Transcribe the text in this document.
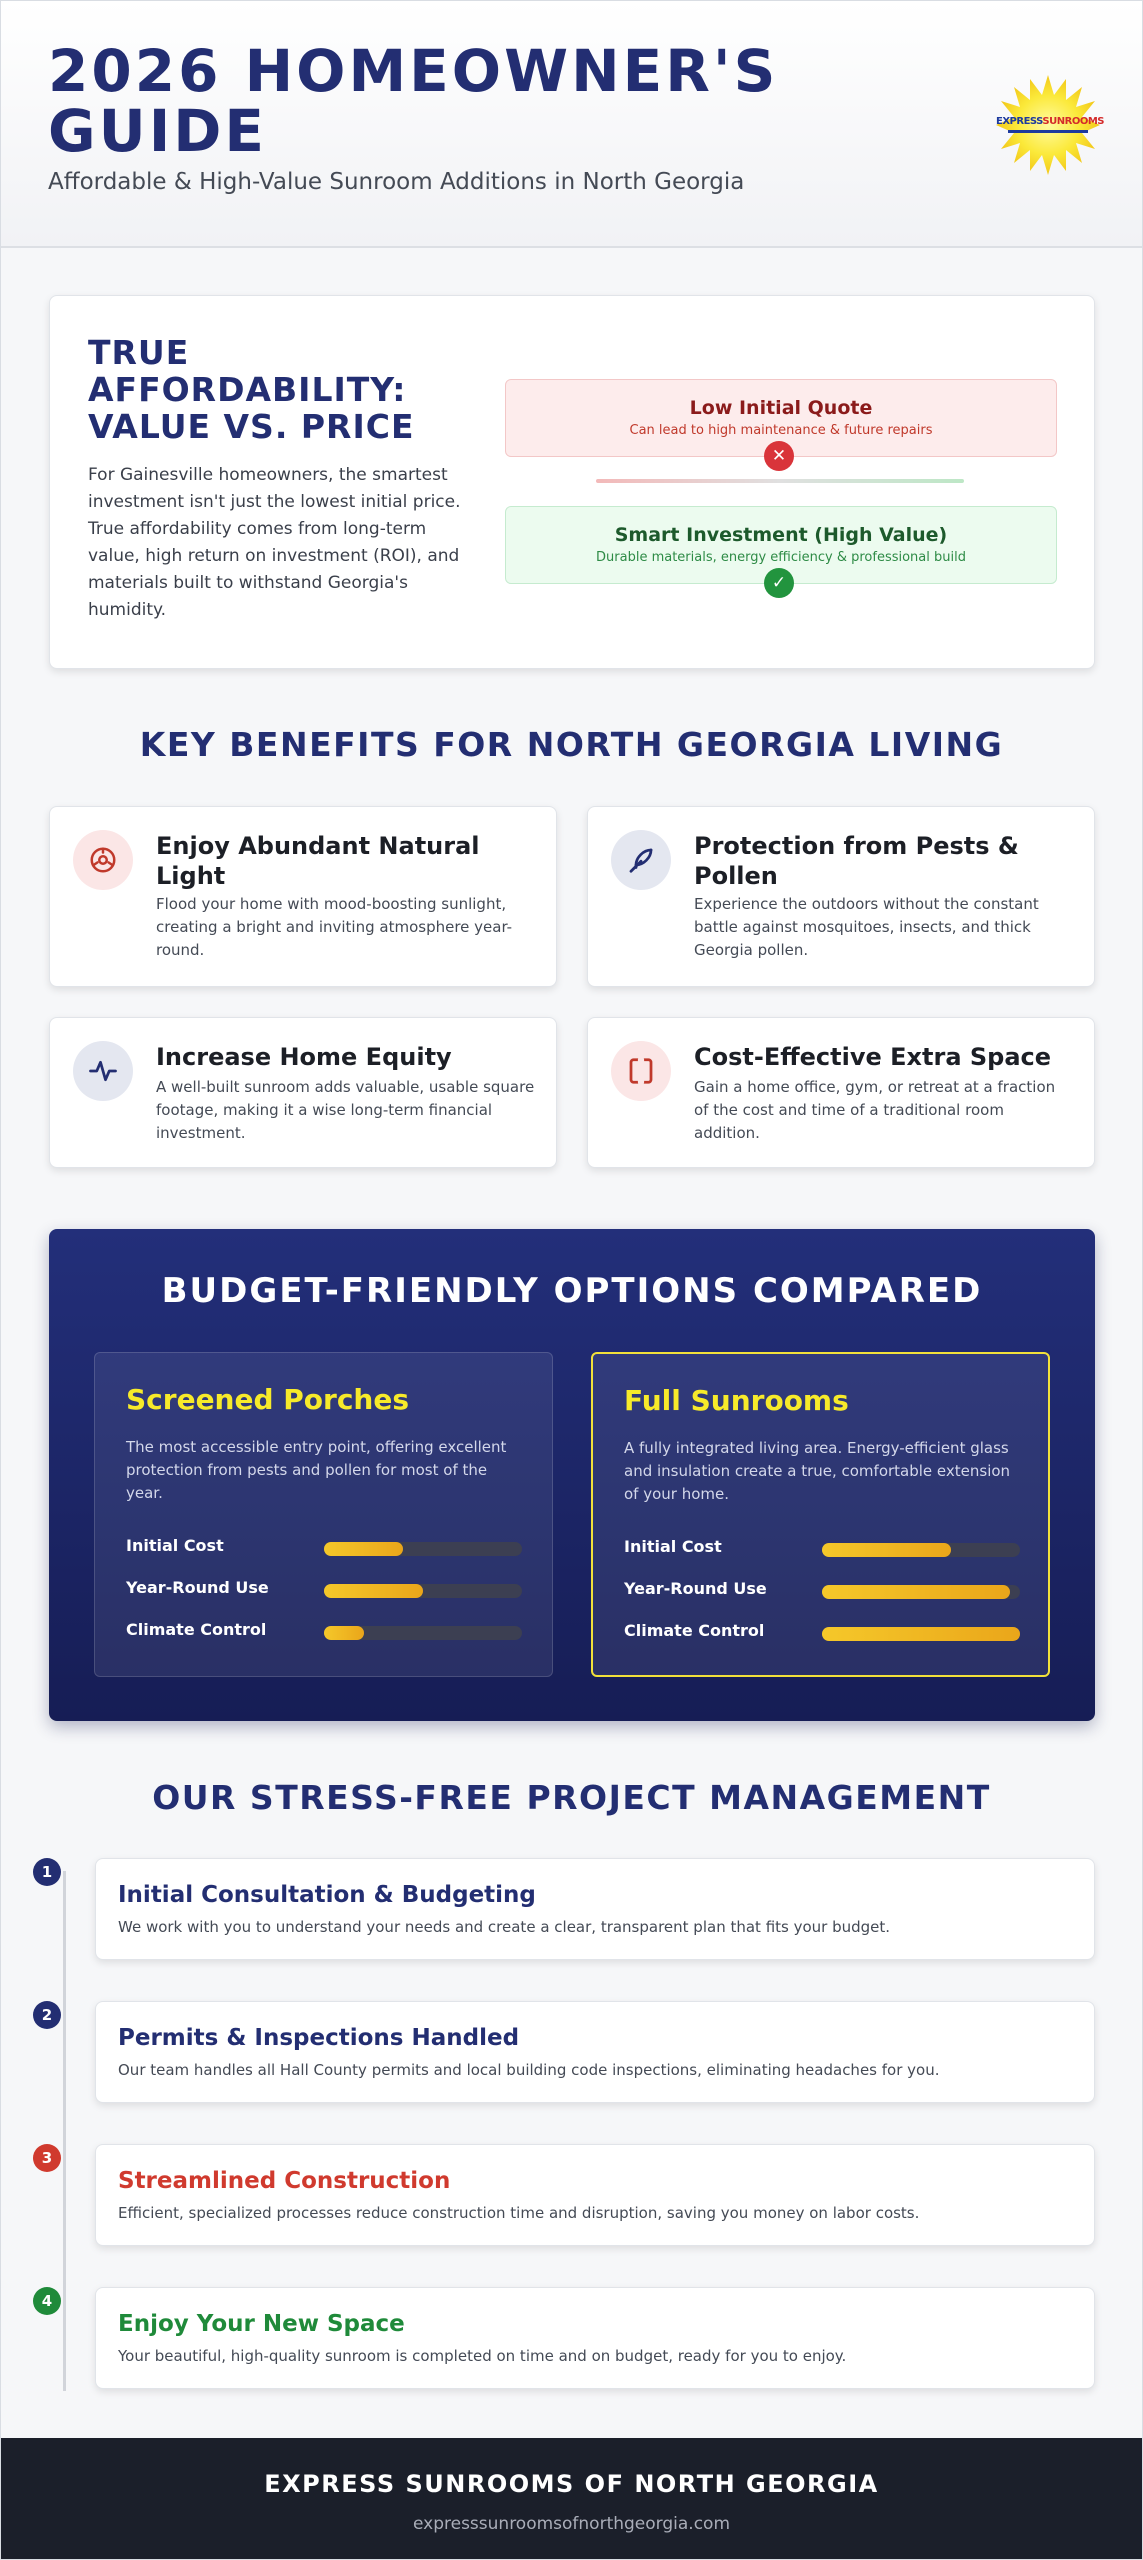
2026 HOMEOWNER'S GUIDE
Affordable & High-Value Sunroom Additions in North Georgia
EXPRESSSUNROOMS
TRUE AFFORDABILITY: VALUE VS. PRICE
For Gainesville homeowners, the smartest investment isn't just the lowest initial price. True affordability comes from long-term value, high return on investment (ROI), and materials built to withstand Georgia's humidity.
Low Initial Quote
Can lead to high maintenance & future repairs
✕
Smart Investment (High Value)
Durable materials, energy efficiency & professional build
✓
KEY BENEFITS FOR NORTH GEORGIA LIVING
Enjoy Abundant Natural Light
Flood your home with mood-boosting sunlight, creating a bright and inviting atmosphere year-round.
Protection from Pests & Pollen
Experience the outdoors without the constant battle against mosquitoes, insects, and thick Georgia pollen.
Increase Home Equity
A well-built sunroom adds valuable, usable square footage, making it a wise long-term financial investment.
Cost-Effective Extra Space
Gain a home office, gym, or retreat at a fraction of the cost and time of a traditional room addition.
BUDGET-FRIENDLY OPTIONS COMPARED
Screened Porches
The most accessible entry point, offering excellent protection from pests and pollen for most of the year.
Initial Cost
Year-Round Use
Climate Control
Full Sunrooms
A fully integrated living area. Energy-efficient glass and insulation create a true, comfortable extension of your home.
Initial Cost
Year-Round Use
Climate Control
OUR STRESS-FREE PROJECT MANAGEMENT
1
Initial Consultation & Budgeting
We work with you to understand your needs and create a clear, transparent plan that fits your budget.
2
Permits & Inspections Handled
Our team handles all Hall County permits and local building code inspections, eliminating headaches for you.
3
Streamlined Construction
Efficient, specialized processes reduce construction time and disruption, saving you money on labor costs.
4
Enjoy Your New Space
Your beautiful, high-quality sunroom is completed on time and on budget, ready for you to enjoy.
EXPRESS SUNROOMS OF NORTH GEORGIA
expresssunroomsofnorthgeorgia.com
